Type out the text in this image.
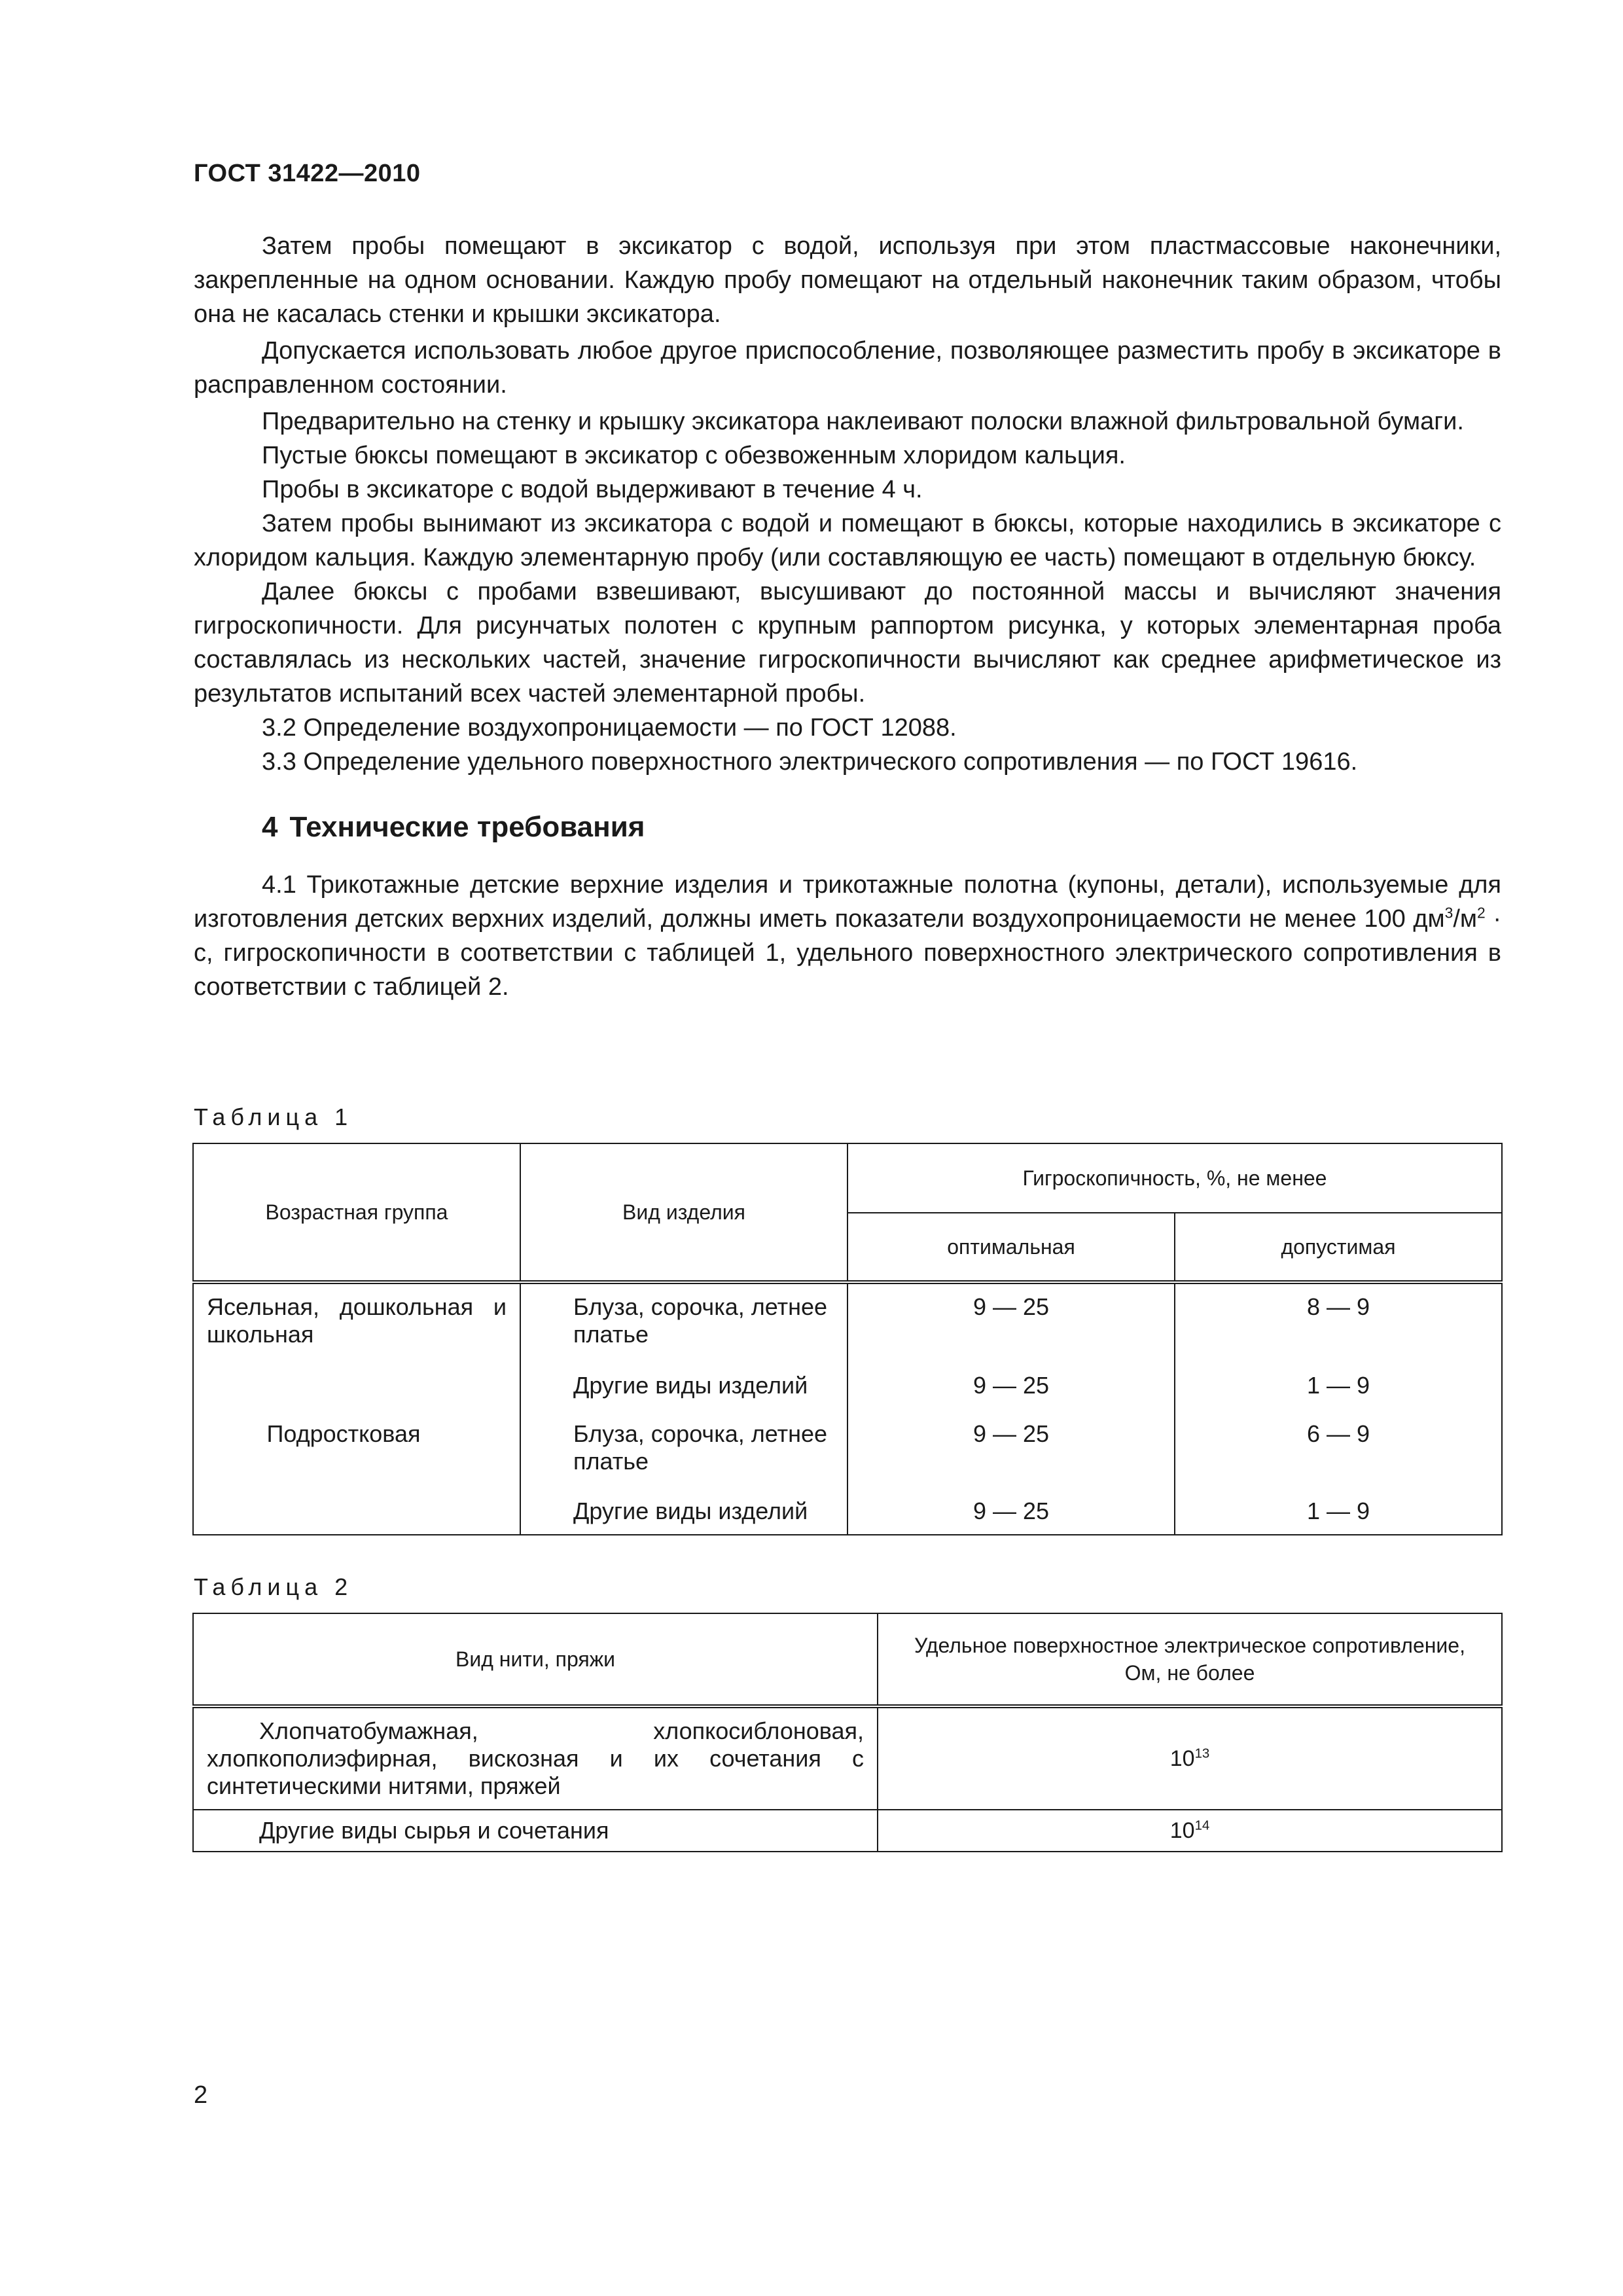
ГОСТ 31422—2010

Затем пробы помещают в эксикатор с водой, используя при этом пластмассовые наконечники, закрепленные на одном основании. Каждую пробу помещают на отдельный наконечник таким образом, чтобы она не касалась стенки и крышки эксикатора.

Допускается использовать любое другое приспособление, позволяющее разместить пробу в эксикаторе в расправленном состоянии.

Предварительно на стенку и крышку эксикатора наклеивают полоски влажной фильтровальной бумаги.

Пустые бюксы помещают в эксикатор с обезвоженным хлоридом кальция.

Пробы в эксикаторе с водой выдерживают в течение 4 ч.

Затем пробы вынимают из эксикатора с водой и помещают в бюксы, которые находились в эксикаторе с хлоридом кальция. Каждую элементарную пробу (или составляющую ее часть) помещают в отдельную бюксу.

Далее бюксы с пробами взвешивают, высушивают до постоянной массы и вычисляют значения гигроскопичности. Для рисунчатых полотен с крупным раппортом рисунка, у которых элементарная проба составлялась из нескольких частей, значение гигроскопичности вычисляют как среднее арифметическое из результатов испытаний всех частей элементарной пробы.

3.2 Определение воздухопроницаемости — по ГОСТ 12088.

3.3 Определение удельного поверхностного электрического сопротивления — по ГОСТ 19616.

4 Технические требования

4.1 Трикотажные детские верхние изделия и трикотажные полотна (купоны, детали), используемые для изготовления детских верхних изделий, должны иметь показатели воздухопроницаемости не менее 100 $дм^3/м^2 \cdot с$, гигроскопичности в соответствии с таблицей 1, удельного поверхностного электрического сопротивления в соответствии с таблицей 2.

Таблица 1
Возрастная группа	Вид изделия	Гигроскопичность, %, не менее	
		оптимальная	допустимая
Ясельная, дошкольная и школьная	Блуза, сорочка, летнее платье	9 — 25	8 — 9
	Другие виды изделий	9 — 25	1 — 9
Подростковая	Блуза, сорочка, летнее платье	9 — 25	6 — 9
	Другие виды изделий	9 — 25	1 — 9
Таблица 2
Вид нити, пряжи	Удельное поверхностное электрическое сопротивление, Ом, не более
Хлопчатобумажная, хлопкосиблоновая, хлопкополиэфирная, вискозная и их сочетания с синтетическими нитями, пряжей	$10^{13}$
Другие виды сырья и сочетания	$10^{14}$
2
